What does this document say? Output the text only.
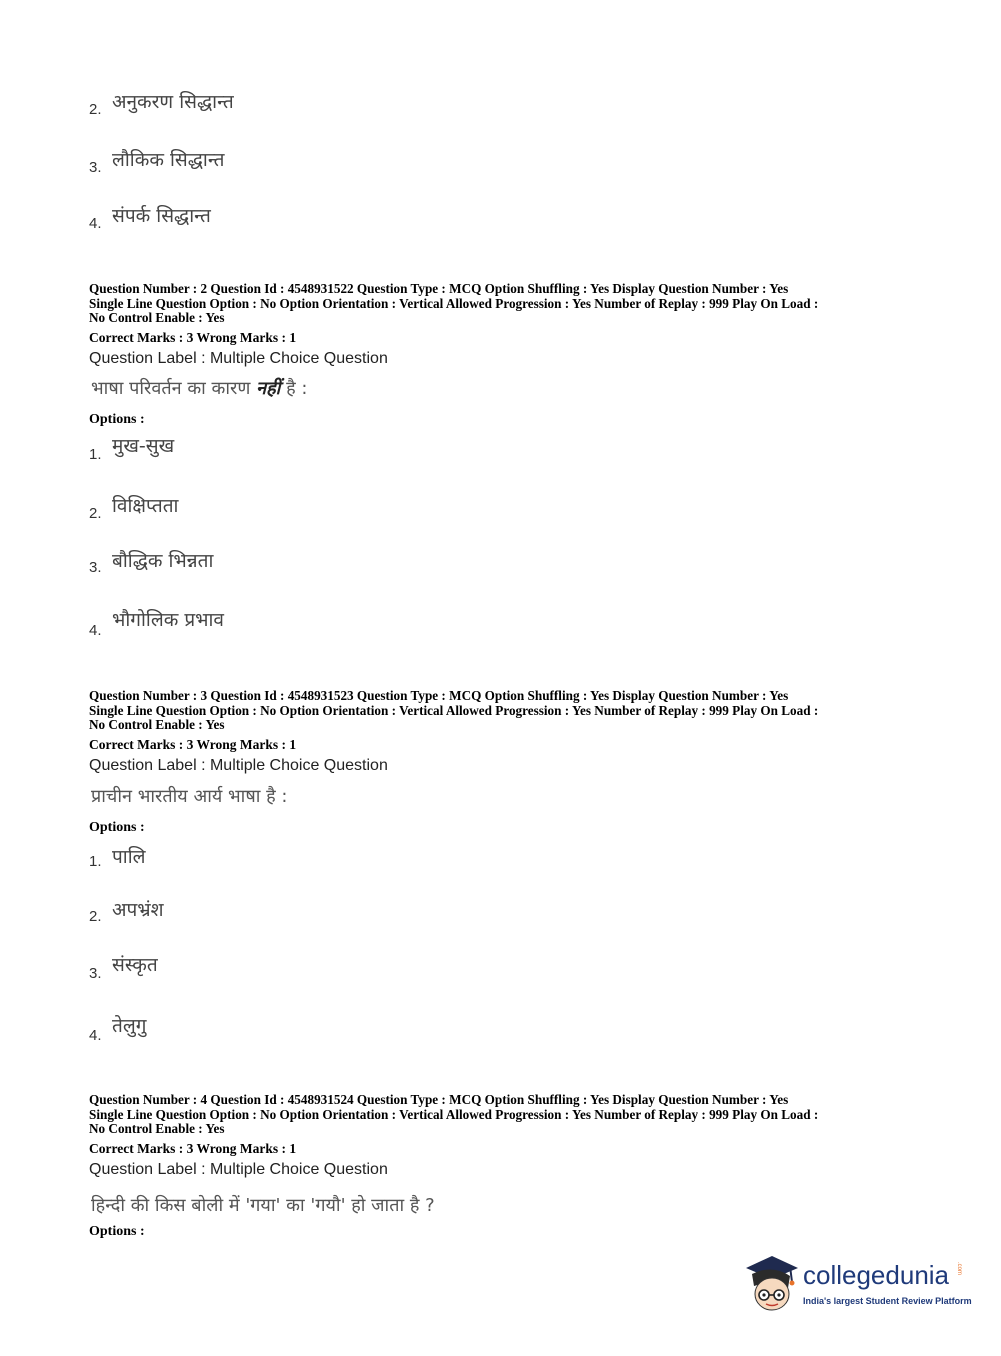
2. अनुकरण सिद्धान्त
3. लौकिक सिद्धान्त
4. संपर्क सिद्धान्त
Question Number : 2 Question Id : 4548931522 Question Type : MCQ Option Shuffling : Yes Display Question Number : Yes
Single Line Question Option : No Option Orientation : Vertical Allowed Progression : Yes Number of Replay : 999 Play On Load :
No Control Enable : Yes
Correct Marks : 3 Wrong Marks : 1
Question Label : Multiple Choice Question
भाषा परिवर्तन का कारण नहीं है :
Options :
1. मुख-सुख
2. विक्षिप्तता
3. बौद्धिक भिन्नता
4. भौगोलिक प्रभाव
Question Number : 3 Question Id : 4548931523 Question Type : MCQ Option Shuffling : Yes Display Question Number : Yes
Single Line Question Option : No Option Orientation : Vertical Allowed Progression : Yes Number of Replay : 999 Play On Load :
No Control Enable : Yes
Correct Marks : 3 Wrong Marks : 1
Question Label : Multiple Choice Question
प्राचीन भारतीय आर्य भाषा है :
Options :
1. पालि
2. अपभ्रंश
3. संस्कृत
4. तेलुगु
Question Number : 4 Question Id : 4548931524 Question Type : MCQ Option Shuffling : Yes Display Question Number : Yes
Single Line Question Option : No Option Orientation : Vertical Allowed Progression : Yes Number of Replay : 999 Play On Load :
No Control Enable : Yes
Correct Marks : 3 Wrong Marks : 1
Question Label : Multiple Choice Question
हिन्दी की किस बोली में 'गया' का 'गयौ' हो जाता है ?
Options :
collegedunia .com
India's largest Student Review Platform
